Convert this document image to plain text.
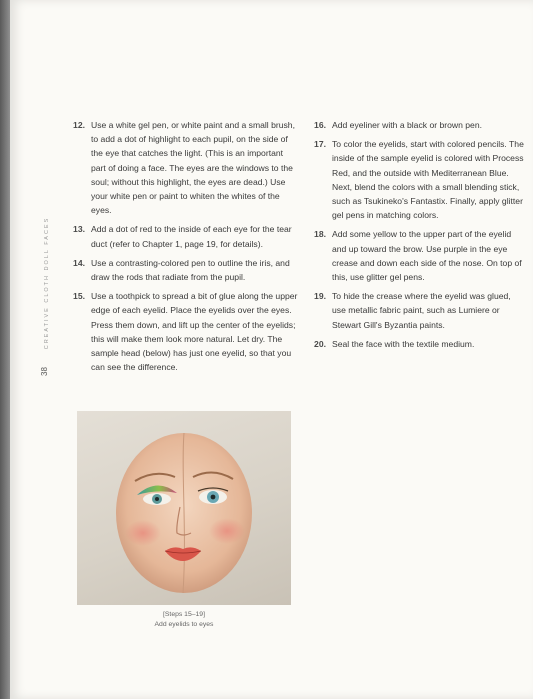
CREATIVE CLOTH DOLL FACES
38
12. Use a white gel pen, or white paint and a small brush, to add a dot of highlight to each pupil, on the side of the eye that catches the light. (This is an important part of doing a face. The eyes are the windows to the soul; without this highlight, the eyes are dead.) Use your white pen or paint to whiten the whites of the eyes.
13. Add a dot of red to the inside of each eye for the tear duct (refer to Chapter 1, page 19, for details).
14. Use a contrasting-colored pen to outline the iris, and draw the rods that radiate from the pupil.
15. Use a toothpick to spread a bit of glue along the upper edge of each eyelid. Place the eyelids over the eyes. Press them down, and lift up the center of the eyelids; this will make them look more natural. Let dry. The sample head (below) has just one eyelid, so that you can see the difference.
16. Add eyeliner with a black or brown pen.
17. To color the eyelids, start with colored pencils. The inside of the sample eyelid is colored with Process Red, and the outside with Mediterranean Blue. Next, blend the colors with a small blending stick, such as Tsukineko's Fantastix. Finally, apply glitter gel pens in matching colors.
18. Add some yellow to the upper part of the eyelid and up toward the brow. Use purple in the eye crease and down each side of the nose. On top of this, use glitter gel pens.
19. To hide the crease where the eyelid was glued, use metallic fabric paint, such as Lumiere or Stewart Gill's Byzantia paints.
20. Seal the face with the textile medium.
[Steps 15–19]
Add eyelids to eyes
